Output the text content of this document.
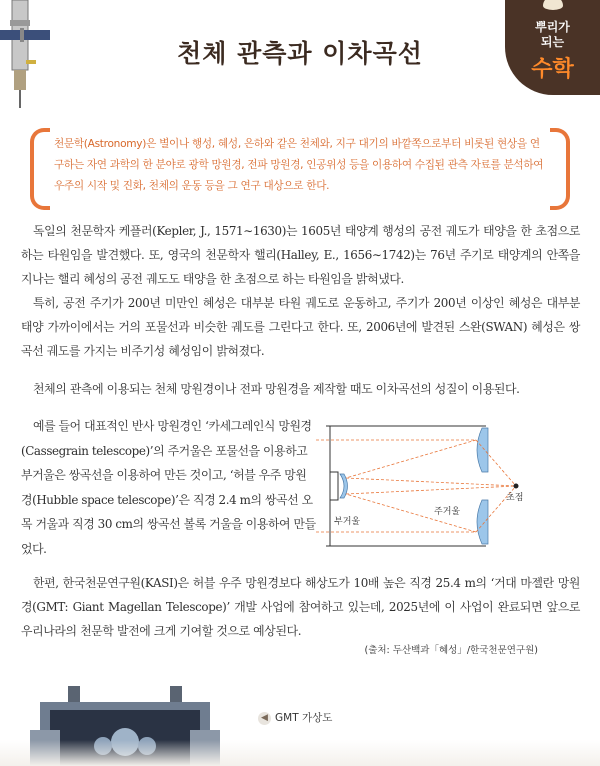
뿌리가
되는
수학
천체 관측과 이차곡선
천문학(Astronomy)은 별이나 행성, 혜성, 은하와 같은 천체와, 지구 대기의 바깥쪽으로부터 비롯된 현상을 연구하는 자연 과학의 한 분야로 광학 망원경, 전파 망원경, 인공위성 등을 이용하여 수집된 관측 자료를 분석하여 우주의 시작 및 진화, 천체의 운동 등을 그 연구 대상으로 한다.
독일의 천문학자 케플러(Kepler, J., 1571∼1630)는 1605년 태양계 행성의 공전 궤도가 태양을 한 초점으로 하는 타원임을 발견했다. 또, 영국의 천문학자 핼리(Halley, E., 1656∼1742)는 76년 주기로 태양계의 안쪽을 지나는 핼리 혜성의 공전 궤도도 태양을 한 초점으로 하는 타원임을 밝혀냈다.
특히, 공전 주기가 200년 미만인 혜성은 대부분 타원 궤도로 운동하고, 주기가 200년 이상인 혜성은 대부분 태양 가까이에서는 거의 포물선과 비슷한 궤도를 그린다고 한다. 또, 2006년에 발견된 스완(SWAN) 혜성은 쌍곡선 궤도를 가지는 비주기성 혜성임이 밝혀졌다.
천체의 관측에 이용되는 천체 망원경이나 전파 망원경을 제작할 때도 이차곡선의 성질이 이용된다.
예를 들어 대표적인 반사 망원경인 ‘카세그레인식 망원경(Cassegrain telescope)’의 주거울은 포물선을 이용하고 부거울은 쌍곡선을 이용하여 만든 것이고, ‘허블 우주 망원경(Hubble space telescope)’은 직경 2.4 m의 쌍곡선 오목 거울과 직경 30 cm의 쌍곡선 볼록 거울을 이용하여 만들었다.
초점
주거울
부거울
한편, 한국천문연구원(KASI)은 허블 우주 망원경보다 해상도가 10배 높은 직경 25.4 m의 ‘거대 마젤란 망원경(GMT: Giant Magellan Telescope)’ 개발 사업에 참여하고 있는데, 2025년에 이 사업이 완료되면 앞으로 우리나라의 천문학 발전에 크게 기여할 것으로 예상된다.
(출처: 두산백과「혜성」/한국천문연구원)
◀ GMT 가상도
